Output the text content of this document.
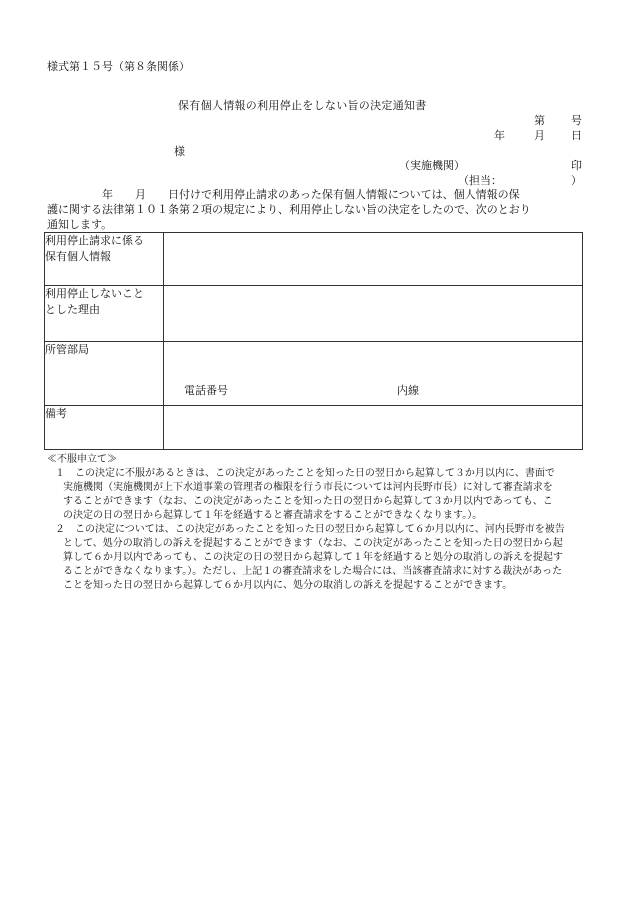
様式第１５号（第８条関係）
保有個人情報の利用停止をしない旨の決定通知書
第 号
年	月 日
様
（実施機関）	印
（担当：	）
　　　　　年　　月　　日付けで利用停止請求のあった保有個人情報については、個人情報の保
護に関する法律第１０１条第２項の規定により、利用停止しない旨の決定をしたので、次のとおり
通知します。
利用停止請求に係る
保有個人情報	
利用停止しないこと
とした理由	
所管部局	電話番号 内線

備考	
≪不服申立て≫
１　この決定に不服があるときは、この決定があったことを知った日の翌日から起算して３か月以内に、書面で
実施機関（実施機関が上下水道事業の管理者の権限を行う市長については河内長野市長）に対して審査請求を
することができます（なお、この決定があったことを知った日の翌日から起算して３か月以内であっても、こ
の決定の日の翌日から起算して１年を経過すると審査請求をすることができなくなります。）。
２　この決定については、この決定があったことを知った日の翌日から起算して６か月以内に、河内長野市を被告
として、処分の取消しの訴えを提起することができます（なお、この決定があったことを知った日の翌日から起
算して６か月以内であっても、この決定の日の翌日から起算して１年を経過すると処分の取消しの訴えを提起す
ることができなくなります。）。ただし、上記１の審査請求をした場合には、当該審査請求に対する裁決があった
ことを知った日の翌日から起算して６か月以内に、処分の取消しの訴えを提起することができます。
